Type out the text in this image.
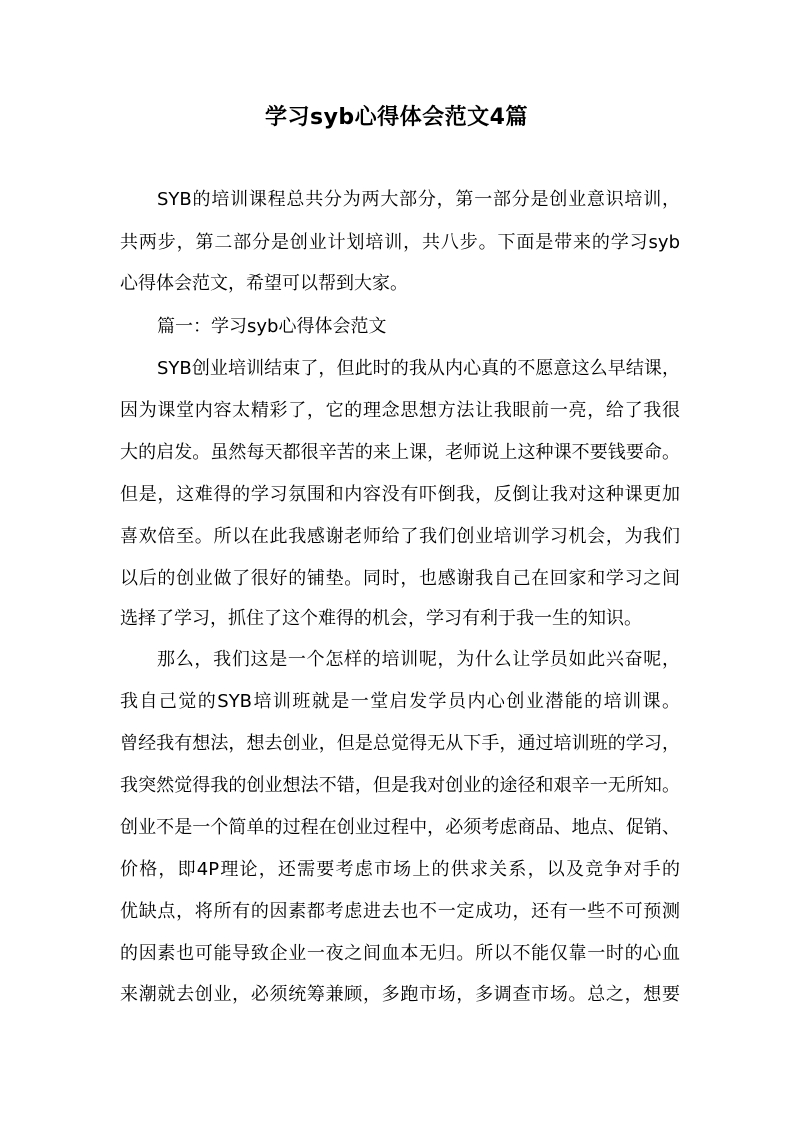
学习syb心得体会范文4篇
SYB的培训课程总共分为两大部分，第一部分是创业意识培训，
共两步，第二部分是创业计划培训，共八步。下面是带来的学习syb
心得体会范文，希望可以帮到大家。
篇一：学习syb心得体会范文
SYB创业培训结束了，但此时的我从内心真的不愿意这么早结课，
因为课堂内容太精彩了，它的理念思想方法让我眼前一亮，给了我很
大的启发。虽然每天都很辛苦的来上课，老师说上这种课不要钱要命。
但是，这难得的学习氛围和内容没有吓倒我，反倒让我对这种课更加
喜欢倍至。所以在此我感谢老师给了我们创业培训学习机会，为我们
以后的创业做了很好的铺垫。同时，也感谢我自己在回家和学习之间
选择了学习，抓住了这个难得的机会，学习有利于我一生的知识。
那么，我们这是一个怎样的培训呢，为什么让学员如此兴奋呢，
我自己觉的SYB培训班就是一堂启发学员内心创业潜能的培训课。
曾经我有想法，想去创业，但是总觉得无从下手，通过培训班的学习，
我突然觉得我的创业想法不错，但是我对创业的途径和艰辛一无所知。
创业不是一个简单的过程在创业过程中，必须考虑商品、地点、促销、
价格，即4P理论，还需要考虑市场上的供求关系，以及竞争对手的
优缺点，将所有的因素都考虑进去也不一定成功，还有一些不可预测
的因素也可能导致企业一夜之间血本无归。所以不能仅靠一时的心血
来潮就去创业，必须统筹兼顾，多跑市场，多调查市场。总之，想要
